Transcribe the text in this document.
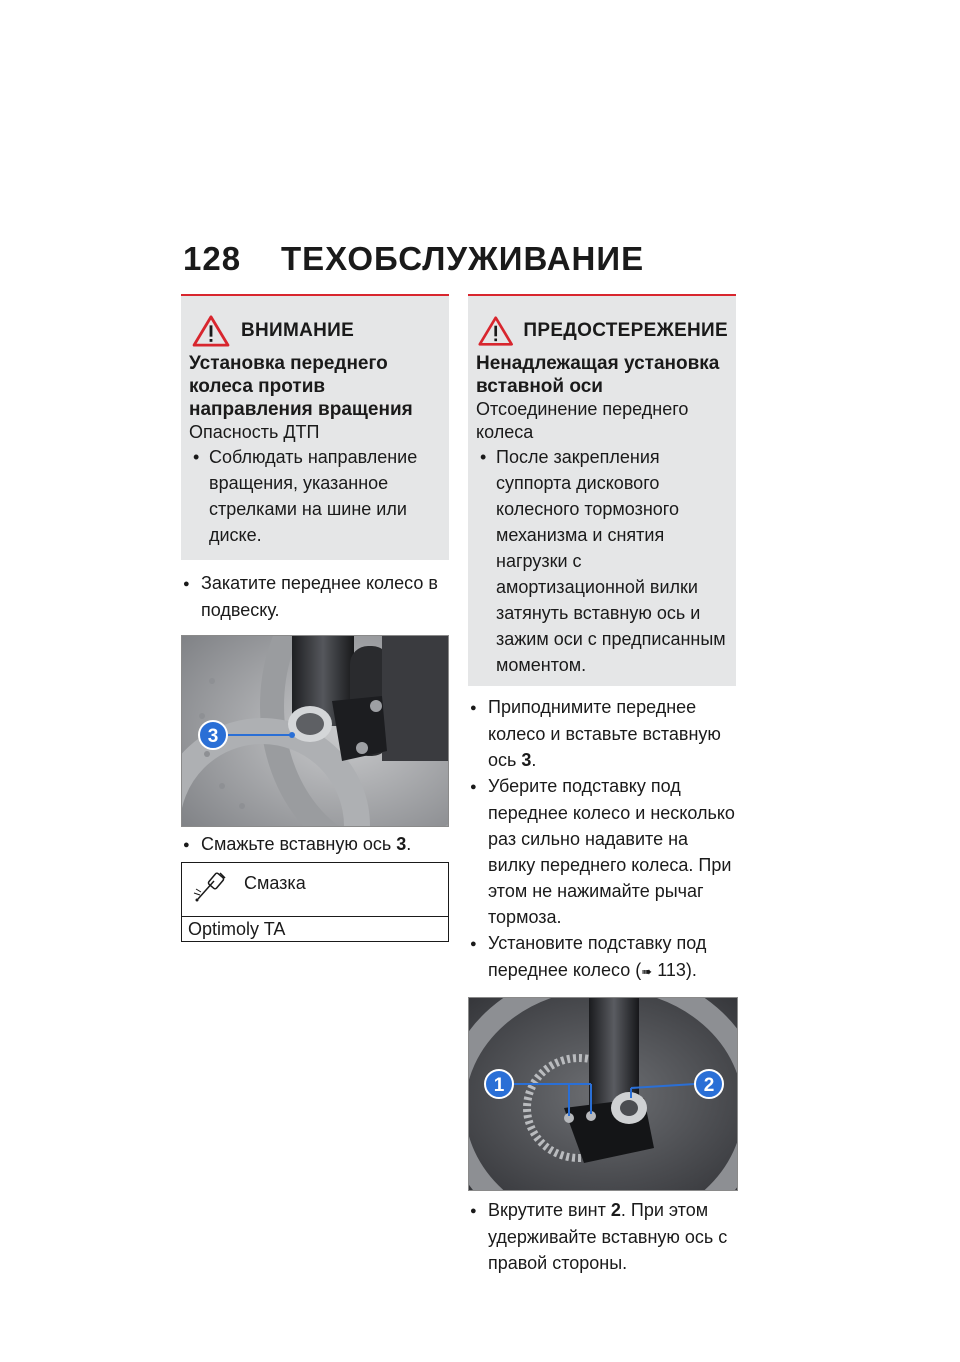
128 ТЕХОБСЛУЖИВАНИЕ
ВНИМАНИЕ
Установка переднего колеса против направления вращения
Опасность ДТП
• Соблюдать направление вращения, указанное стрелками на шине или диске.
● Закатите переднее колесо в подвеску.
3
● Смажьте вставную ось 3.
Смазка
Optimoly TA
ПРЕДОСТЕРЕЖЕНИЕ
Ненадлежащая установка вставной оси
Отсоединение переднего колеса
• После закрепления суппорта дискового колесного тормозного механизма и снятия нагрузки с амортизационной вилки затянуть вставную ось и зажим оси с предписанным моментом.
● Приподнимите переднее колесо и вставьте вставную ось 3.
● Уберите подставку под переднее колесо и несколько раз сильно надавите на вилку переднего колеса. При этом не нажимайте рычаг тормоза.
● Установите подставку под переднее колесо (➠ 113).
1	2
● Вкрутите винт 2. При этом удерживайте вставную ось с правой стороны.
